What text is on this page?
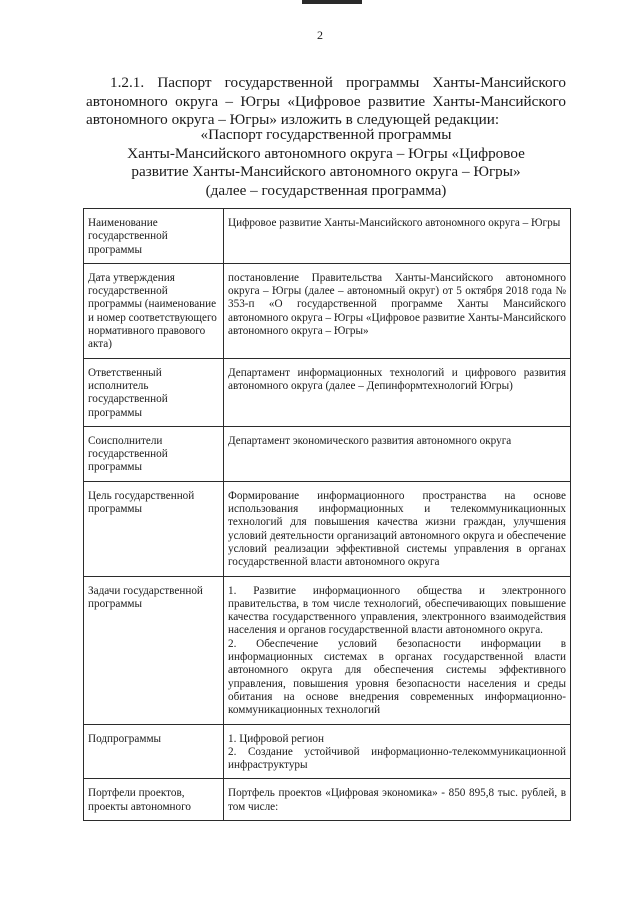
2
1.2.1. Паспорт государственной программы Ханты-Мансийского автономного округа – Югры «Цифровое развитие Ханты-Мансийского автономного округа – Югры» изложить в следующей редакции:
«Паспорт государственной программы
Ханты-Мансийского автономного округа – Югры «Цифровое
развитие Ханты-Мансийского автономного округа – Югры»
(далее – государственная программа)
Наименование государственной программы	Цифровое развитие Ханты-Мансийского автономного округа – Югры

Дата утверждения государственной программы (наименование и номер соответствующего нормативного правового акта)	постановление Правительства Ханты-Мансийского автономного округа – Югры (далее – автономный округ) от 5 октября 2018 года № 353-п «О государственной программе Ханты Мансийского автономного округа – Югры «Цифровое развитие Ханты-Мансийского автономного округа – Югры»

Ответственный исполнитель государственной программы	Департамент информационных технологий и цифрового развития автономного округа (далее – Депинформтехнологий Югры)

Соисполнители государственной программы	Департамент экономического развития автономного округа

Цель государственной программы	Формирование информационного пространства на основе использования информационных и телекоммуникационных технологий для повышения качества жизни граждан, улучшения условий деятельности организаций автономного округа и обеспечение условий реализации эффективной системы управления в органах государственной власти автономного округа

Задачи государственной программы	1. Развитие информационного общества и электронного правительства, в том числе технологий, обеспечивающих повышение качества государственного управления, электронного взаимодействия населения и органов государственной власти автономного округа.

2. Обеспечение условий безопасности информации в информационных системах в органах государственной власти автономного округа для обеспечения системы эффективного управления, повышения уровня безопасности населения и среды обитания на основе внедрения современных информационно-коммуникационных технологий

Подпрограммы	1. Цифровой регион

2. Создание устойчивой информационно-телекоммуникационной инфраструктуры

Портфели проектов, проекты автономного	Портфель проектов «Цифровая экономика» - 850 895,8 тыс. рублей, в том числе:
